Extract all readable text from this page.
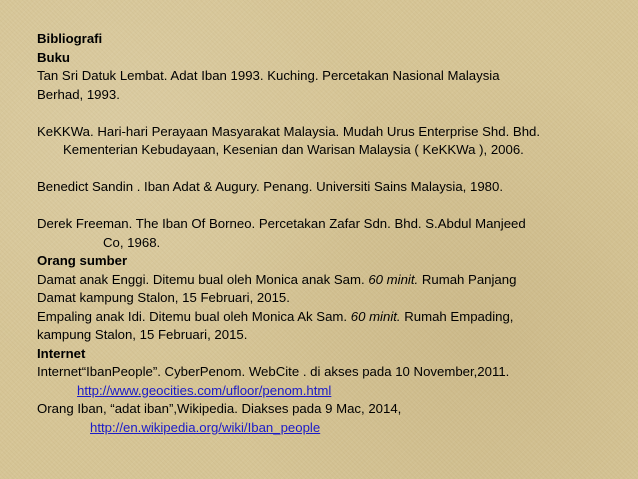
Bibliografi
Buku
Tan Sri Datuk Lembat. Adat Iban 1993. Kuching. Percetakan Nasional Malaysia
Berhad, 1993.
KeKKWa. Hari-hari Perayaan Masyarakat Malaysia. Mudah Urus Enterprise Shd. Bhd.
Kementerian Kebudayaan, Kesenian dan Warisan Malaysia ( KeKKWa ), 2006.
Benedict Sandin . Iban Adat & Augury. Penang. Universiti Sains Malaysia, 1980.
Derek Freeman. The Iban Of Borneo. Percetakan Zafar Sdn. Bhd. S.Abdul Manjeed
Co, 1968.
Orang sumber
Damat anak Enggi. Ditemu bual oleh Monica anak Sam. 60 minit. Rumah Panjang
Damat kampung Stalon, 15 Februari, 2015.
Empaling anak Idi. Ditemu bual oleh Monica Ak Sam. 60 minit. Rumah Empading,
kampung Stalon, 15 Februari, 2015.
Internet
Internet“IbanPeople”. CyberPenom. WebCite . di akses pada 10 November,2011.
http://www.geocities.com/ufloor/penom.html
Orang Iban, “adat iban”,Wikipedia. Diakses pada 9 Mac, 2014,
http://en.wikipedia.org/wiki/Iban_people
